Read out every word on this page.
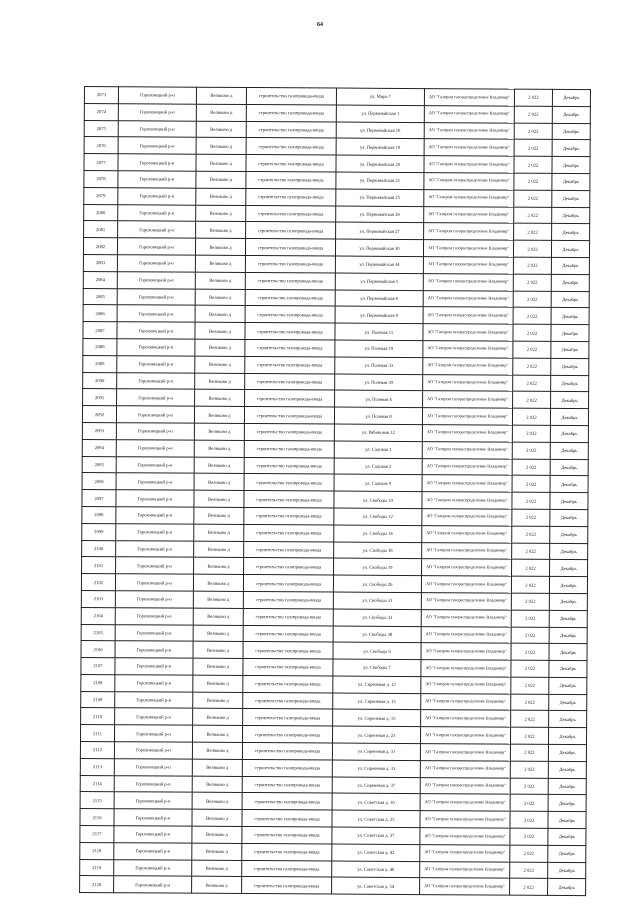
64
2073	Гороховецкий р-н	Великово д	строительство газопровода-ввода	ул. Мира 7	АО "Газпром газораспределение Владимир"	2 022	Декабрь
2074	Гороховецкий р-н	Великово д	строительство газопровода-ввода	ул. Первомайская 1	АО "Газпром газораспределение Владимир"	2 022	Декабрь
2075	Гороховецкий р-н	Великово д	строительство газопровода-ввода	ул. Первомайская 16	АО "Газпром газораспределение Владимир"	2 022	Декабрь
2076	Гороховецкий р-н	Великово д	строительство газопровода-ввода	ул. Первомайская 19	АО "Газпром газораспределение Владимир"	2 022	Декабрь
2077	Гороховецкий р-н	Великово д	строительство газопровода-ввода	ул. Первомайская 20	АО "Газпром газораспределение Владимир"	2 022	Декабрь
2078	Гороховецкий р-н	Великово д	строительство газопровода-ввода	ул. Первомайская 21	АО "Газпром газораспределение Владимир"	2 022	Декабрь
2079	Гороховецкий р-н	Великово д	строительство газопровода-ввода	ул. Первомайская 25	АО "Газпром газораспределение Владимир"	2 022	Декабрь
2080	Гороховецкий р-н	Великово д	строительство газопровода-ввода	ул. Первомайская 26	АО "Газпром газораспределение Владимир"	2 022	Декабрь
2081	Гороховецкий р-н	Великово д	строительство газопровода-ввода	ул. Первомайская 27	АО "Газпром газораспределение Владимир"	2 022	Декабрь
2082	Гороховецкий р-н	Великово д	строительство газопровода-ввода	ул. Первомайская 30	АО "Газпром газораспределение Владимир"	2 022	Декабрь
2083	Гороховецкий р-н	Великово д	строительство газопровода-ввода	ул. Первомайская 34	АО "Газпром газораспределение Владимир"	2 022	Декабрь
2084	Гороховецкий р-н	Великово д	строительство газопровода-ввода	ул. Первомайская 5	АО "Газпром газораспределение Владимир"	2 022	Декабрь
2085	Гороховецкий р-н	Великово д	строительство газопровода-ввода	ул. Первомайская 6	АО "Газпром газораспределение Владимир"	2 022	Декабрь
2086	Гороховецкий р-н	Великово д	строительство газопровода-ввода	ул. Первомайская 9	АО "Газпром газораспределение Владимир"	2 022	Декабрь
2087	Гороховецкий р-н	Великово д	строительство газопровода-ввода	ул. Полевая 11	АО "Газпром газораспределение Владимир"	2 022	Декабрь
2088	Гороховецкий р-н	Великово д	строительство газопровода-ввода	ул. Полевая 19	АО "Газпром газораспределение Владимир"	2 022	Декабрь
2089	Гороховецкий р-н	Великово д	строительство газопровода-ввода	ул. Полевая 33	АО "Газпром газораспределение Владимир"	2 022	Декабрь
2090	Гороховецкий р-н	Великово д	строительство газопровода-ввода	ул. Полевая 39	АО "Газпром газораспределение Владимир"	2 022	Декабрь
2091	Гороховецкий р-н	Великово д	строительство газопровода-ввода	ул. Полевая 4	АО "Газпром газораспределение Владимир"	2 022	Декабрь
2092	Гороховецкий р-н	Великово д	строительство газопровода-ввода	ул. Полевая 8	АО "Газпром газораспределение Владимир"	2 022	Декабрь
2093	Гороховецкий р-н	Великово д	строительство газопровода-ввода	ул. Рябиновая 12	АО "Газпром газораспределение Владимир"	2 022	Декабрь
2094	Гороховецкий р-н	Великово д	строительство газопровода-ввода	ул. Садовая 1	АО "Газпром газораспределение Владимир"	2 022	Декабрь
2095	Гороховецкий р-н	Великово д	строительство газопровода-ввода	ул. Садовая 2	АО "Газпром газораспределение Владимир"	2 022	Декабрь
2096	Гороховецкий р-н	Великово д	строительство газопровода-ввода	ул. Садовая 9	АО "Газпром газораспределение Владимир"	2 022	Декабрь
2097	Гороховецкий р-н	Великово д	строительство газопровода-ввода	ул. Свободы 10	АО "Газпром газораспределение Владимир"	2 022	Декабрь
2098	Гороховецкий р-н	Великово д	строительство газопровода-ввода	ул. Свободы 12	АО "Газпром газораспределение Владимир"	2 022	Декабрь
2099	Гороховецкий р-н	Великово д	строительство газопровода-ввода	ул. Свободы 14	АО "Газпром газораспределение Владимир"	2 022	Декабрь
2100	Гороховецкий р-н	Великово д	строительство газопровода-ввода	ул. Свободы 18	АО "Газпром газораспределение Владимир"	2 022	Декабрь
2101	Гороховецкий р-н	Великово д	строительство газопровода-ввода	ул. Свободы 19	АО "Газпром газораспределение Владимир"	2 022	Декабрь
2102	Гороховецкий р-н	Великово д	строительство газопровода-ввода	ул. Свободы 26	АО "Газпром газораспределение Владимир"	2 022	Декабрь
2103	Гороховецкий р-н	Великово д	строительство газопровода-ввода	ул. Свободы 31	АО "Газпром газораспределение Владимир"	2 022	Декабрь
2104	Гороховецкий р-н	Великово д	строительство газопровода-ввода	ул. Свободы 33	АО "Газпром газораспределение Владимир"	2 022	Декабрь
2105	Гороховецкий р-н	Великово д	строительство газопровода-ввода	ул. Свободы 38	АО "Газпром газораспределение Владимир"	2 022	Декабрь
2106	Гороховецкий р-н	Великово д	строительство газопровода-ввода	ул. Свободы 6	АО "Газпром газораспределение Владимир"	2 022	Декабрь
2107	Гороховецкий р-н	Великово д	строительство газопровода-ввода	ул. Свободы 7	АО "Газпром газораспределение Владимир"	2 022	Декабрь
2108	Гороховецкий р-н	Великово д	строительство газопровода-ввода	ул. Сиреневая д. 12	АО "Газпром газораспределение Владимир"	2 022	Декабрь
2109	Гороховецкий р-н	Великово д	строительство газопровода-ввода	ул. Сиреневая д. 13	АО "Газпром газораспределение Владимир"	2 022	Декабрь
2110	Гороховецкий р-н	Великово д	строительство газопровода-ввода	ул. Сиреневая д. 15	АО "Газпром газораспределение Владимир"	2 022	Декабрь
2111	Гороховецкий р-н	Великово д	строительство газопровода-ввода	ул. Сиреневая д. 23	АО "Газпром газораспределение Владимир"	2 022	Декабрь
2112	Гороховецкий р-н	Великово д	строительство газопровода-ввода	ул. Сиреневая д. 31	АО "Газпром газораспределение Владимир"	2 022	Декабрь
2113	Гороховецкий р-н	Великово д	строительство газопровода-ввода	ул. Сиреневая д. 33	АО "Газпром газораспределение Владимир"	2 022	Декабрь
2114	Гороховецкий р-н	Великово д	строительство газопровода-ввода	ул. Сиреневая д. 37	АО "Газпром газораспределение Владимир"	2 022	Декабрь
2115	Гороховецкий р-н	Великово д	строительство газопровода-ввода	ул. Советская д. 10	АО "Газпром газораспределение Владимир"	2 022	Декабрь
2116	Гороховецкий р-н	Великово д	строительство газопровода-ввода	ул. Советская д. 25	АО "Газпром газораспределение Владимир"	2 022	Декабрь
2117	Гороховецкий р-н	Великово д	строительство газопровода-ввода	ул. Советская д. 37	АО "Газпром газораспределение Владимир"	2 022	Декабрь
2118	Гороховецкий р-н	Великово д	строительство газопровода-ввода	ул. Советская д. 42	АО "Газпром газораспределение Владимир"	2 022	Декабрь
2119	Гороховецкий р-н	Великово д	строительство газопровода-ввода	ул. Советская д. 46	АО "Газпром газораспределение Владимир"	2 022	Декабрь
2120	Гороховецкий р-н	Великово д	строительство газопровода-ввода	ул. Советская д. 54	АО "Газпром газораспределение Владимир"	2 022	Декабрь
